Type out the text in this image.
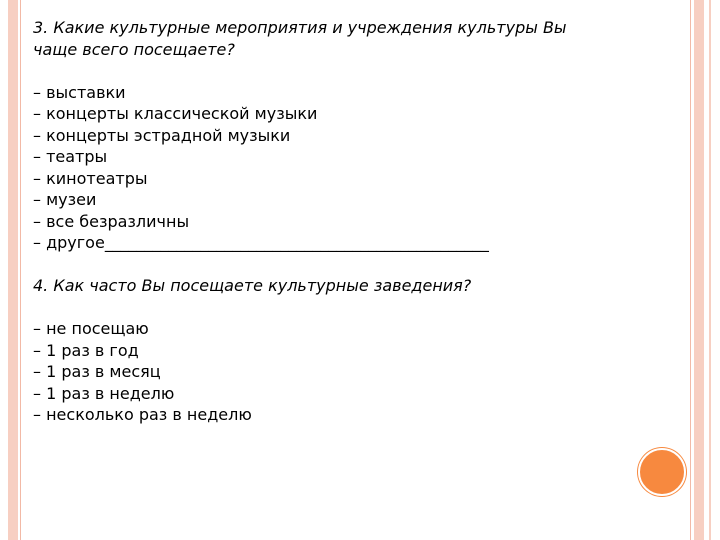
3. Какие культурные мероприятия и учреждения культуры Вы

чаще всего посещаете?

– выставки

– концерты классической музыки

– концерты эстрадной музыки

– театры

– кинотеатры

– музеи

– все безразличны

– другое________________________________________________

4. Как часто Вы посещаете культурные заведения?

– не посещаю

– 1 раз в год

– 1 раз в месяц

– 1 раз в неделю

– несколько раз в неделю
